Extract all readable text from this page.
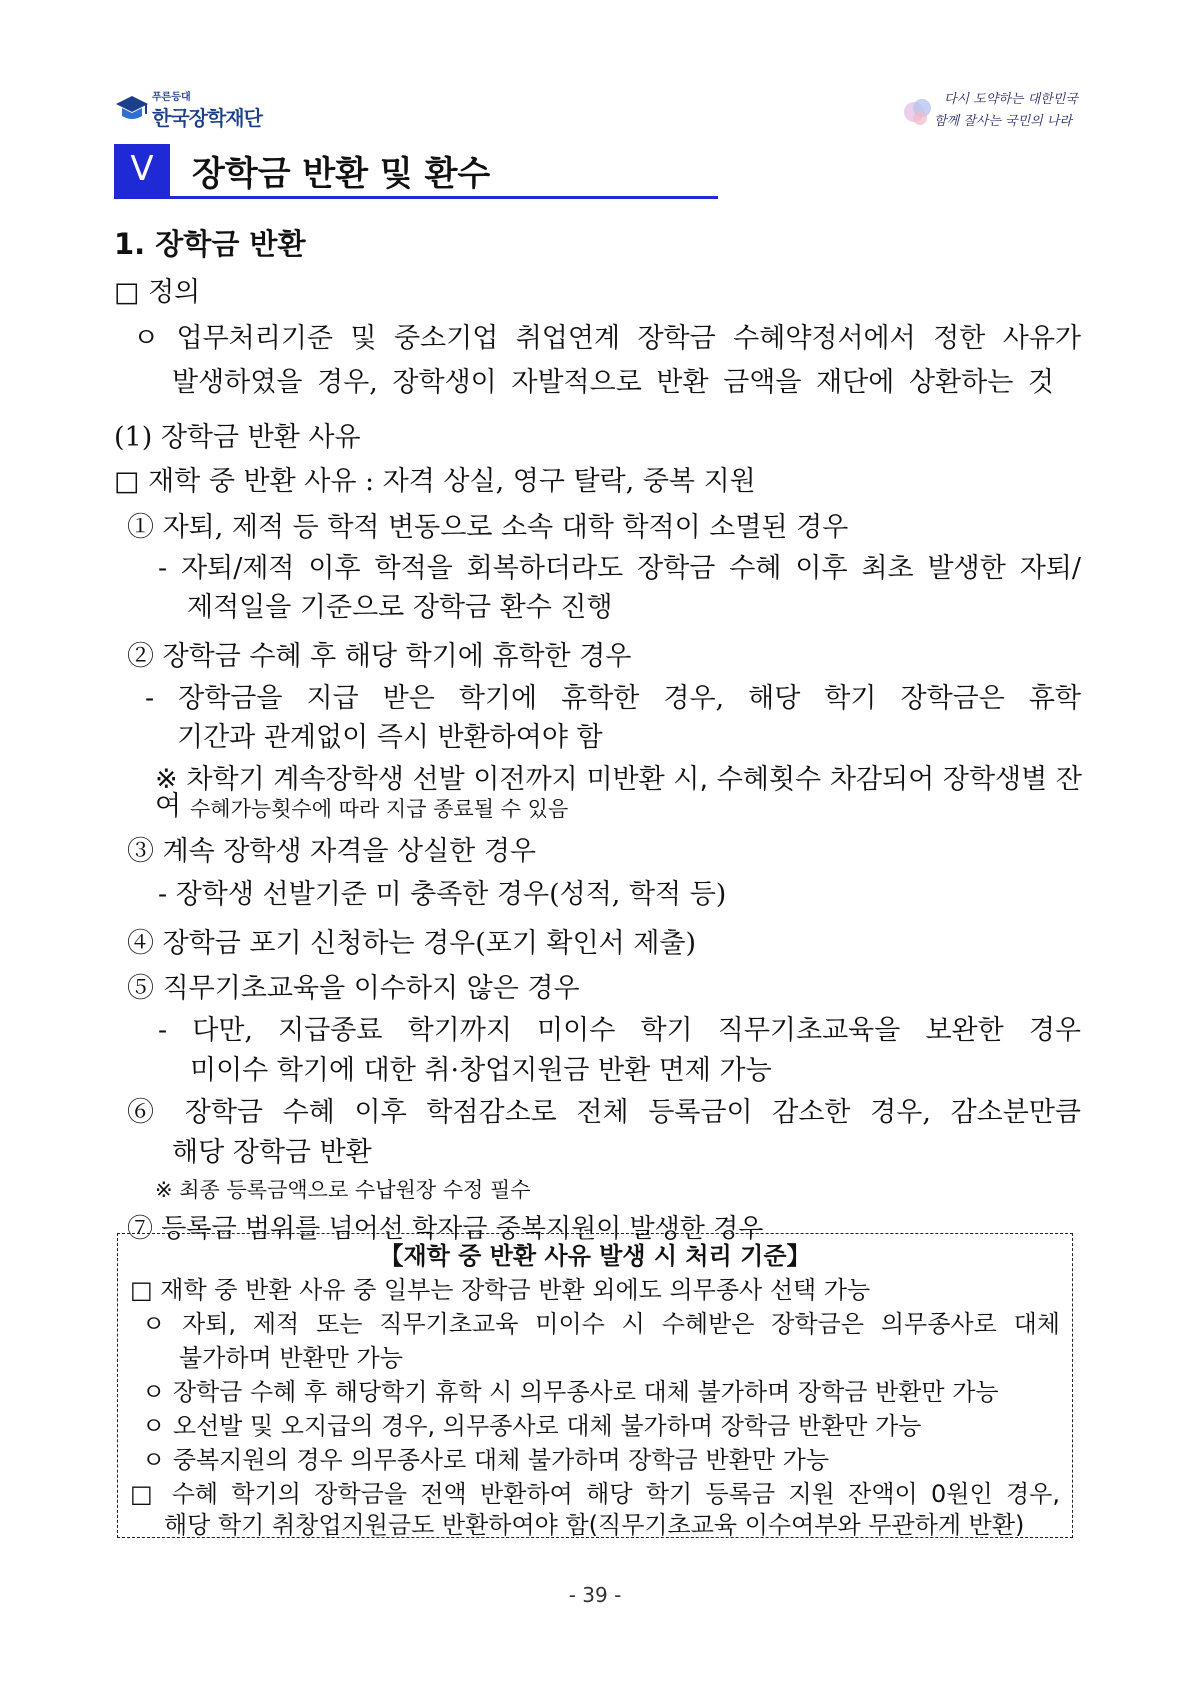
푸른등대
한국장학재단
다시 도약하는 대한민국
함께 잘사는 국민의 나라
Ⅴ	장학금 반환 및 환수
1. 장학금 반환
□ 정의
ㅇ 업무처리기준 및 중소기업 취업연계 장학금 수혜약정서에서 정한 사유가
발생하였을 경우, 장학생이 자발적으로 반환 금액을 재단에 상환하는 것
(1) 장학금 반환 사유
□ 재학 중 반환 사유 : 자격 상실, 영구 탈락, 중복 지원
① 자퇴, 제적 등 학적 변동으로 소속 대학 학적이 소멸된 경우
- 자퇴/제적 이후 학적을 회복하더라도 장학금 수혜 이후 최초 발생한 자퇴/
제적일을 기준으로 장학금 환수 진행
② 장학금 수혜 후 해당 학기에 휴학한 경우
- 장학금을 지급 받은 학기에 휴학한 경우, 해당 학기 장학금은 휴학
기간과 관계없이 즉시 반환하여야 함
※ 차학기 계속장학생 선발 이전까지 미반환 시, 수혜횟수 차감되어 장학생별 잔여 수혜가능횟수에 따라 지급 종료될 수 있음
③ 계속 장학생 자격을 상실한 경우
- 장학생 선발기준 미 충족한 경우(성적, 학적 등)
④ 장학금 포기 신청하는 경우(포기 확인서 제출)
⑤ 직무기초교육을 이수하지 않은 경우
- 다만, 지급종료 학기까지 미이수 학기 직무기초교육을 보완한 경우
미이수 학기에 대한 취·창업지원금 반환 면제 가능
⑥ 장학금 수혜 이후 학점감소로 전체 등록금이 감소한 경우, 감소분만큼
해당 장학금 반환
※ 최종 등록금액으로 수납원장 수정 필수
⑦ 등록금 범위를 넘어선 학자금 중복지원이 발생한 경우
【재학 중 반환 사유 발생 시 처리 기준】
□ 재학 중 반환 사유 중 일부는 장학금 반환 외에도 의무종사 선택 가능
ㅇ 자퇴, 제적 또는 직무기초교육 미이수 시 수혜받은 장학금은 의무종사로 대체
불가하며 반환만 가능
ㅇ 장학금 수혜 후 해당학기 휴학 시 의무종사로 대체 불가하며 장학금 반환만 가능
ㅇ 오선발 및 오지급의 경우, 의무종사로 대체 불가하며 장학금 반환만 가능
ㅇ 중복지원의 경우 의무종사로 대체 불가하며 장학금 반환만 가능
□ 수혜 학기의 장학금을 전액 반환하여 해당 학기 등록금 지원 잔액이 0원인 경우,
해당 학기 취창업지원금도 반환하여야 함(직무기초교육 이수여부와 무관하게 반환)
- 39 -
